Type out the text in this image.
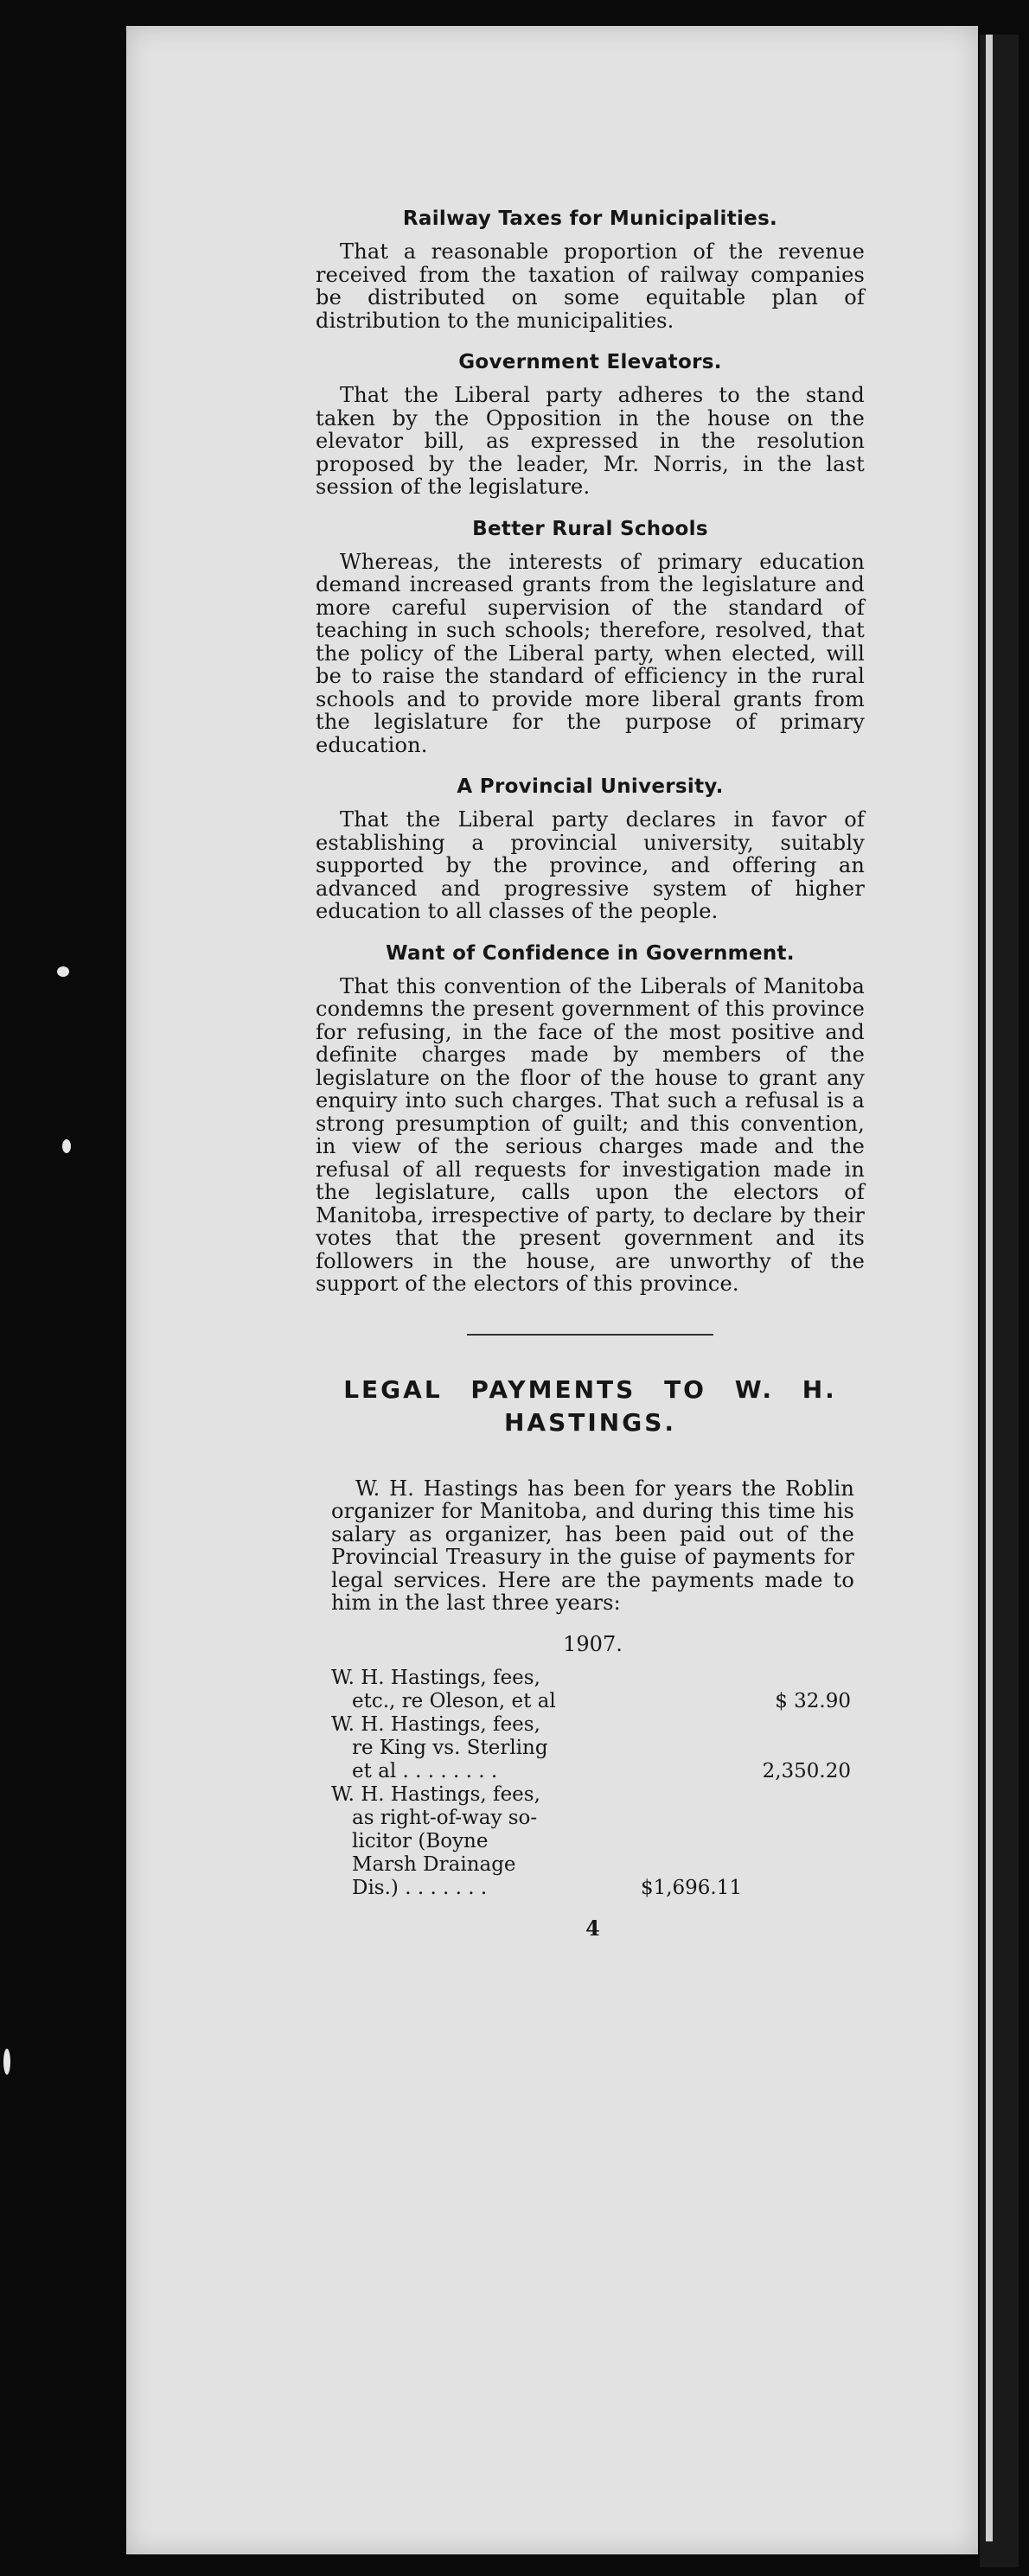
Railway Taxes for Municipalities.

That a reasonable proportion of the revenue received from the taxation of railway companies be distributed on some equitable plan of distribution to the municipalities.

Government Elevators.

That the Liberal party adheres to the stand taken by the Opposition in the house on the elevator bill, as expressed in the resolution proposed by the leader, Mr. Norris, in the last session of the legislature.

Better Rural Schools

Whereas, the interests of primary education demand increased grants from the legislature and more careful supervision of the standard of teaching in such schools; therefore, resolved, that the policy of the Liberal party, when elected, will be to raise the standard of efficiency in the rural schools and to provide more liberal grants from the legislature for the purpose of primary education.

A Provincial University.

That the Liberal party declares in favor of establishing a provincial university, suitably supported by the province, and offering an advanced and progressive system of higher education to all classes of the people.

Want of Confidence in Government.

That this convention of the Liberals of Manitoba condemns the present government of this province for refusing, in the face of the most positive and definite charges made by members of the legislature on the floor of the house to grant any enquiry into such charges. That such a refusal is a strong presumption of guilt; and this convention, in view of the serious charges made and the refusal of all requests for investigation made in the legislature, calls upon the electors of Manitoba, irrespective of party, to declare by their votes that the present government and its followers in the house, are unworthy of the support of the electors of this province.

LEGAL PAYMENTS TO W. H.
HASTINGS.

W. H. Hastings has been for years the Roblin organizer for Manitoba, and during this time his salary as organizer, has been paid out of the Provincial Treasury in the guise of payments for legal services. Here are the payments made to him in the last three years:

1907.
W. H. Hastings, fees,
etc., re Oleson, et al	$ 32.90
W. H. Hastings, fees,
re King vs. Sterling
et al . . . . . . . .	2,350.20
W. H. Hastings, fees,
as right-of-way so-
licitor (Boyne
Marsh Drainage
Dis.) . . . . . . .	$1,696.11
4
